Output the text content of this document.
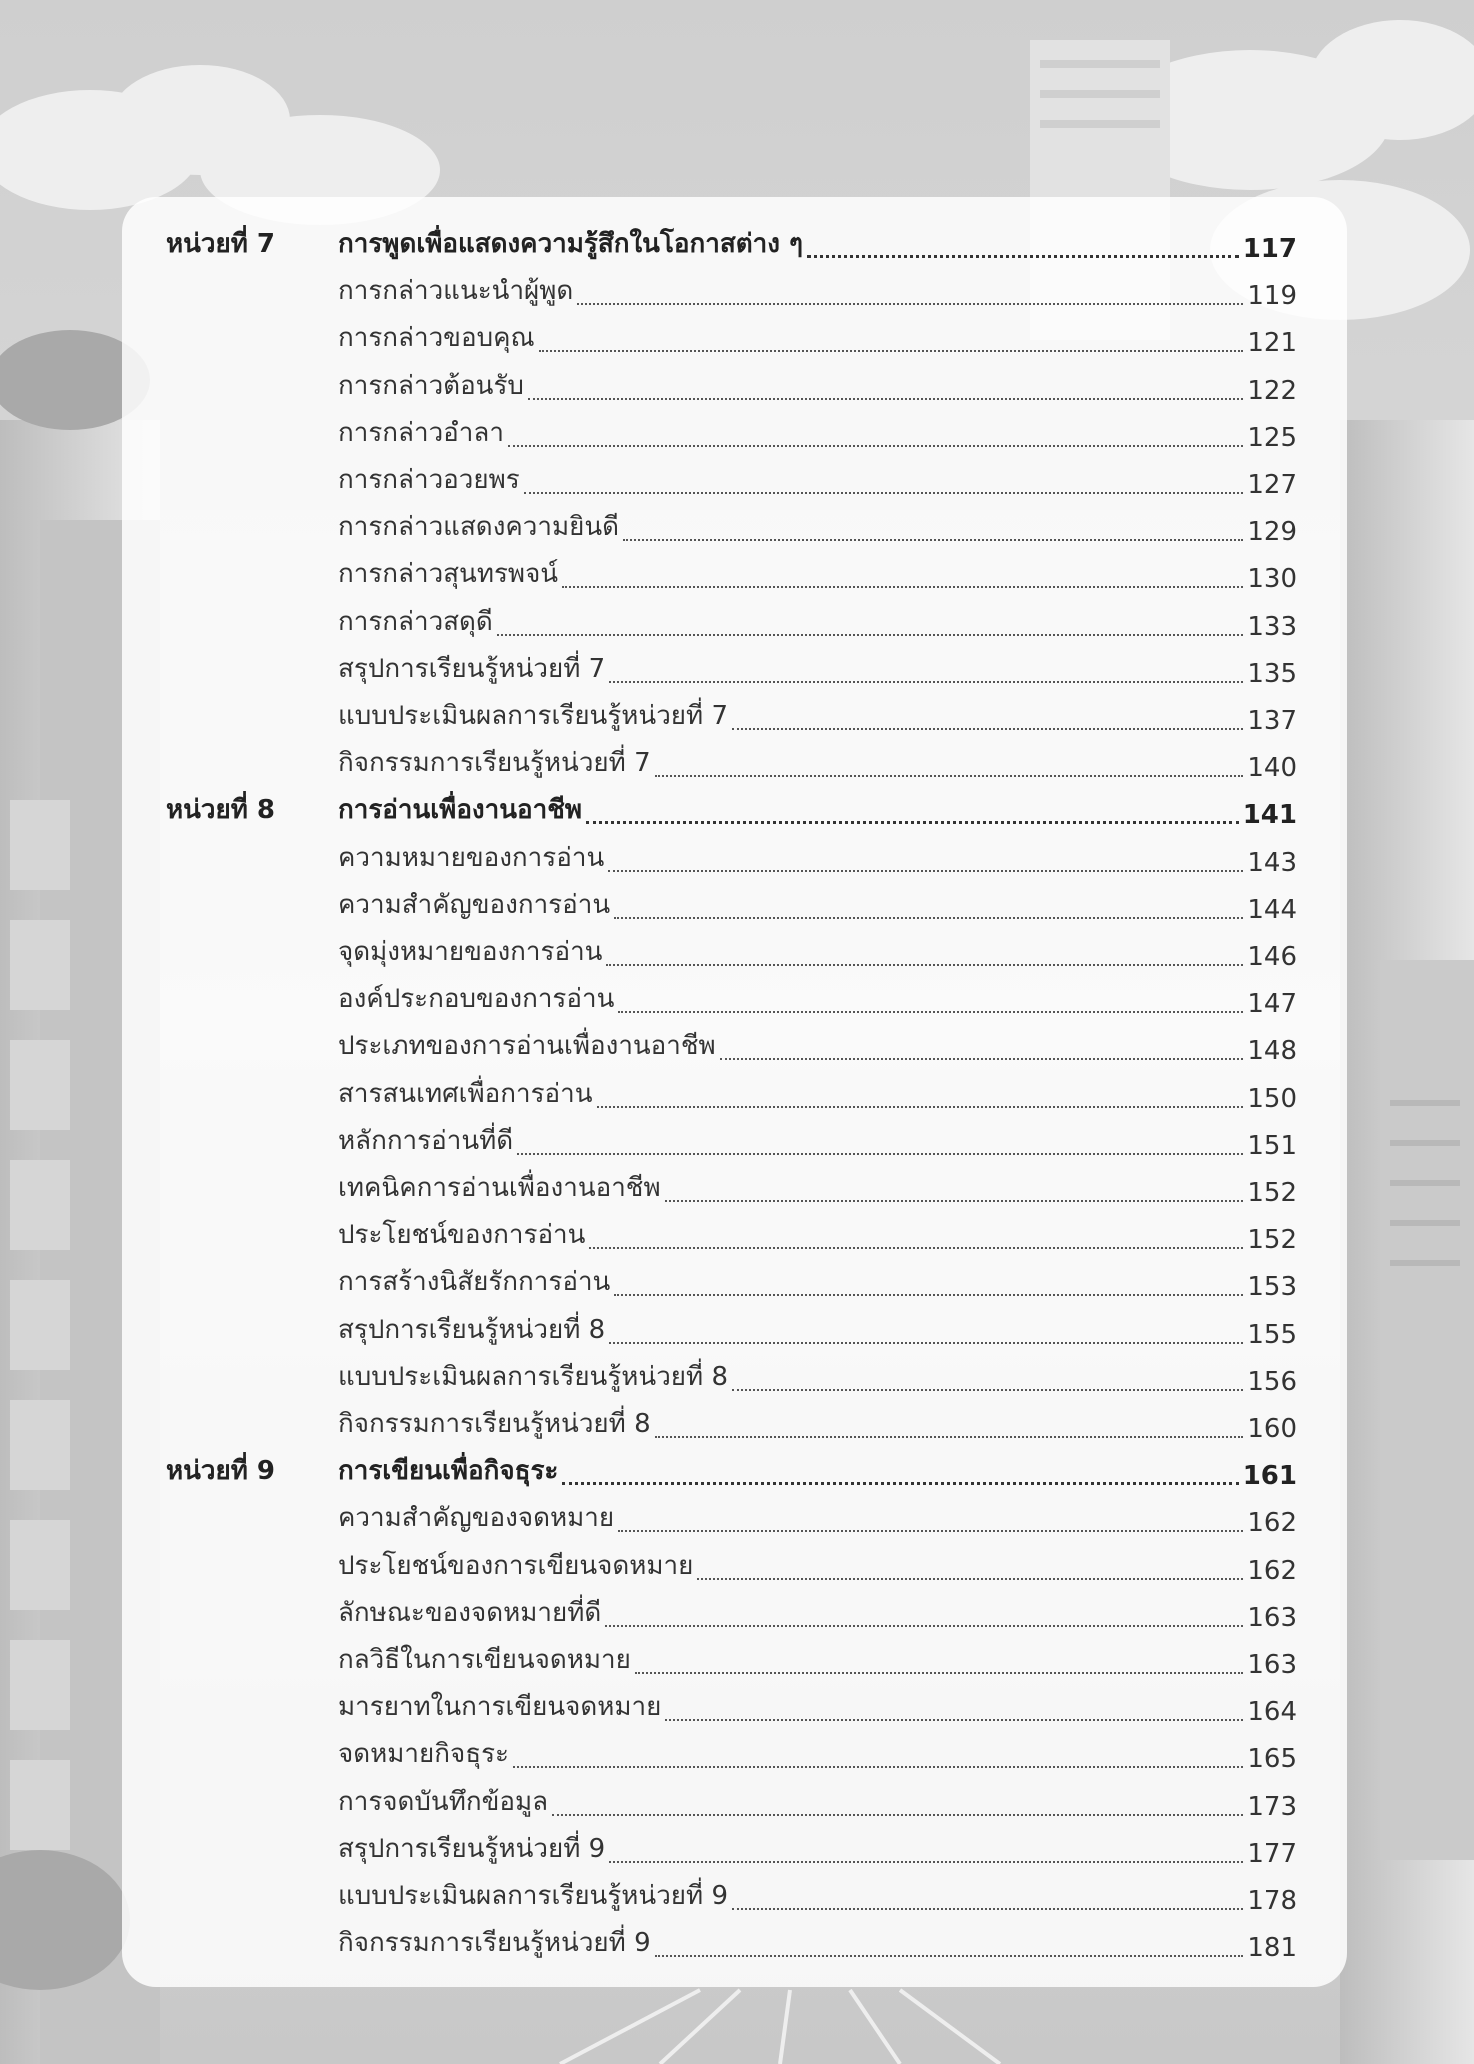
หน่วยที่ 7 การพูดเพื่อแสดงความรู้สึกในโอกาสต่าง ๆ	117
การกล่าวแนะนำผู้พูด	119
การกล่าวขอบคุณ	121
การกล่าวต้อนรับ	122
การกล่าวอำลา	125
การกล่าวอวยพร	127
การกล่าวแสดงความยินดี	129
การกล่าวสุนทรพจน์	130
การกล่าวสดุดี	133
สรุปการเรียนรู้หน่วยที่ 7	135
แบบประเมินผลการเรียนรู้หน่วยที่ 7	137
กิจกรรมการเรียนรู้หน่วยที่ 7	140
หน่วยที่ 8 การอ่านเพื่องานอาชีพ	141
ความหมายของการอ่าน	143
ความสำคัญของการอ่าน	144
จุดมุ่งหมายของการอ่าน	146
องค์ประกอบของการอ่าน	147
ประเภทของการอ่านเพื่องานอาชีพ	148
สารสนเทศเพื่อการอ่าน	150
หลักการอ่านที่ดี	151
เทคนิคการอ่านเพื่องานอาชีพ	152
ประโยชน์ของการอ่าน	152
การสร้างนิสัยรักการอ่าน	153
สรุปการเรียนรู้หน่วยที่ 8	155
แบบประเมินผลการเรียนรู้หน่วยที่ 8	156
กิจกรรมการเรียนรู้หน่วยที่ 8	160
หน่วยที่ 9 การเขียนเพื่อกิจธุระ	161
ความสำคัญของจดหมาย	162
ประโยชน์ของการเขียนจดหมาย	162
ลักษณะของจดหมายที่ดี	163
กลวิธีในการเขียนจดหมาย	163
มารยาทในการเขียนจดหมาย	164
จดหมายกิจธุระ	165
การจดบันทึกข้อมูล	173
สรุปการเรียนรู้หน่วยที่ 9	177
แบบประเมินผลการเรียนรู้หน่วยที่ 9	178
กิจกรรมการเรียนรู้หน่วยที่ 9	181
